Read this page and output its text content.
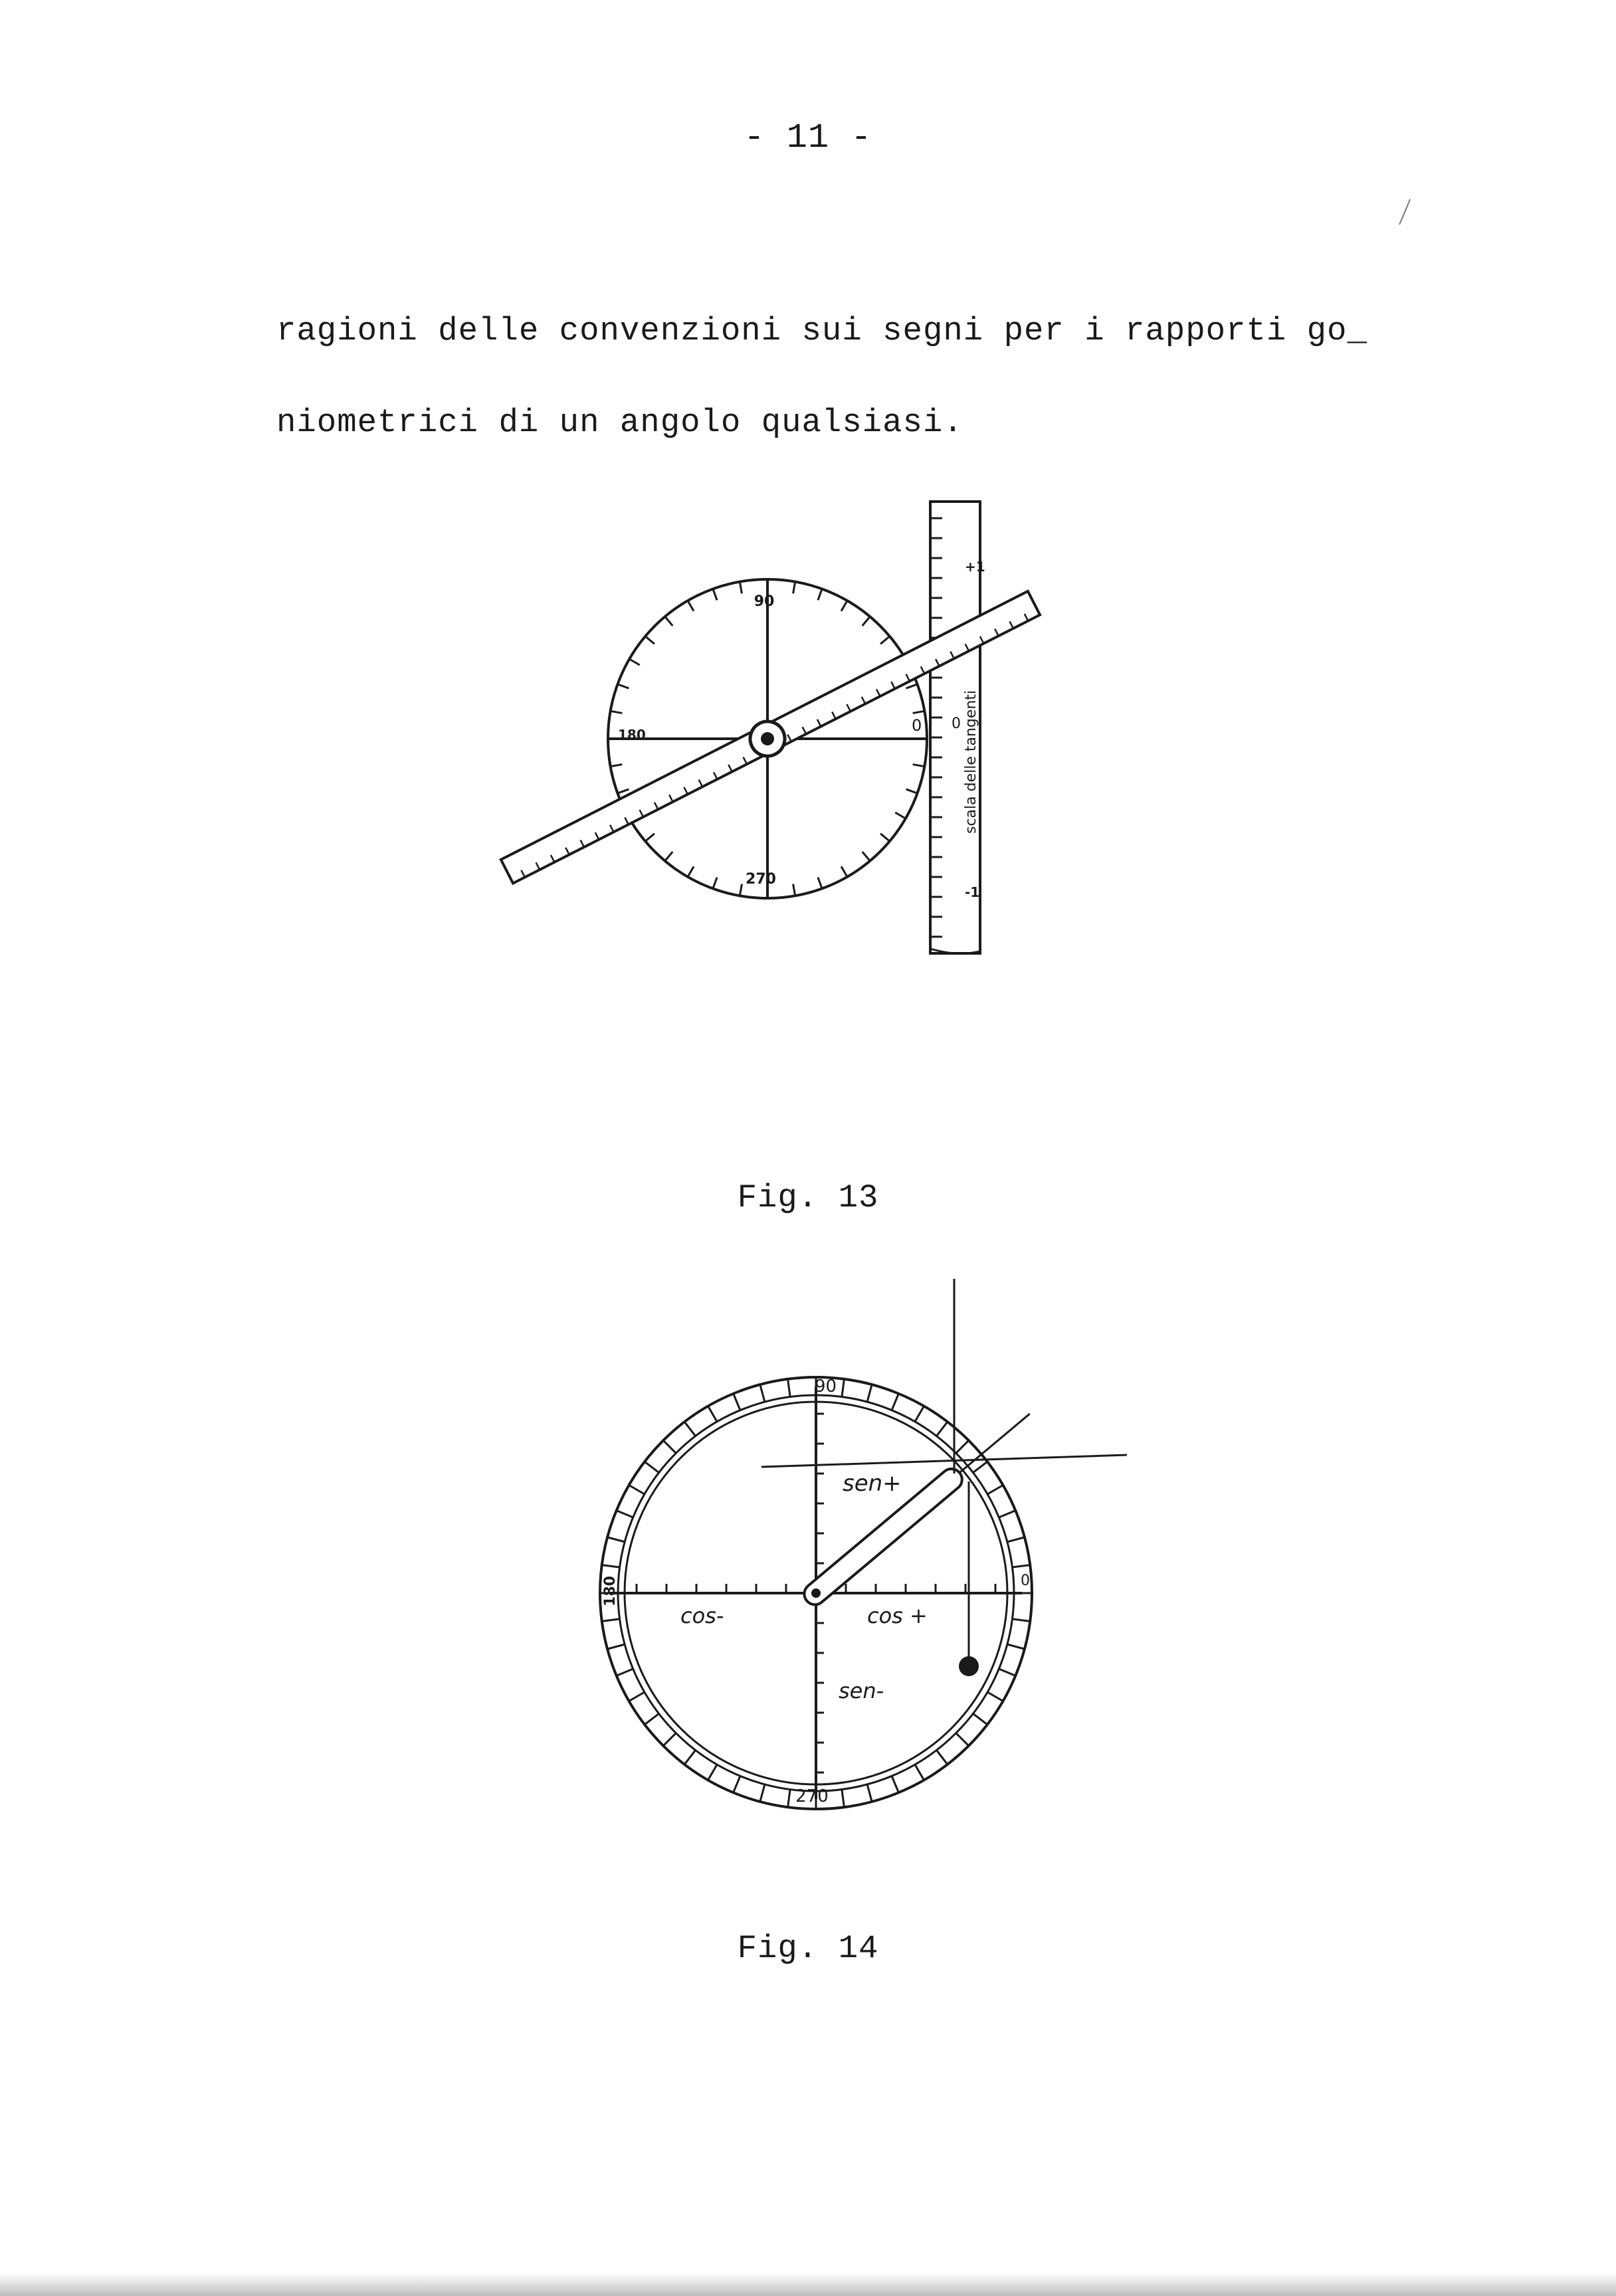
- 11 -
ragioni delle convenzioni sui segni per i rapporti go_
niometrici di un angolo qualsiasi.
90
180	0
270
+1
0
-1
scala delle tangenti
90
180	0
270
sen+
sen-
cos +
cos-
Fig. 13
Fig. 14
